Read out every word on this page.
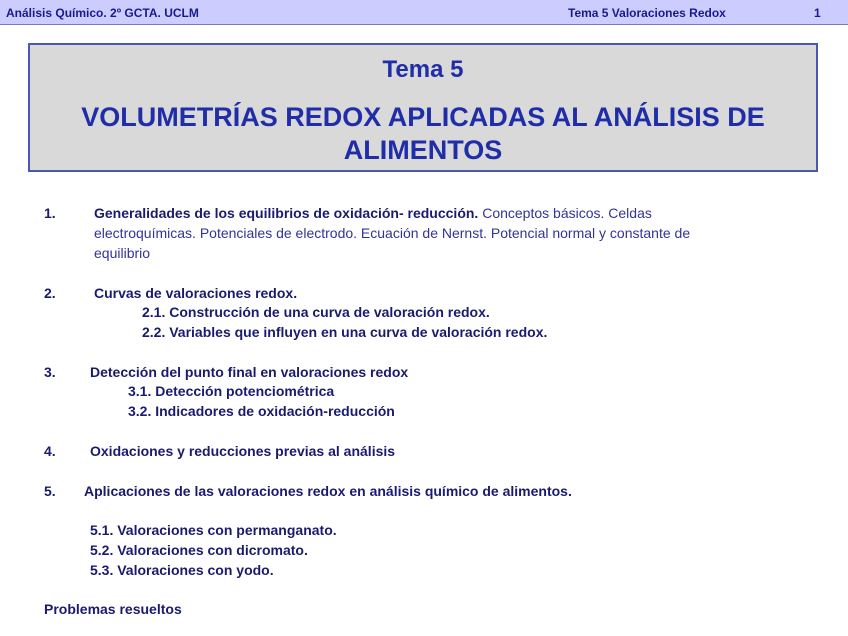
Análisis Químico. 2º GCTA. UCLM	Tema 5 Valoraciones Redox	1
Tema 5
VOLUMETRÍAS REDOX APLICADAS AL ANÁLISIS DE
ALIMENTOS
1.	Generalidades de los equilibrios de oxidación- reducción. Conceptos básicos. Celdas
electroquímicas. Potenciales de electrodo. Ecuación de Nernst. Potencial normal y constante de
equilibrio
2.	Curvas de valoraciones redox.
2.1. Construcción de una curva de valoración redox.
2.2. Variables que influyen en una curva de valoración redox.
3. Detección del punto final en valoraciones redox
3.1. Detección potenciométrica
3.2. Indicadores de oxidación-reducción
4. Oxidaciones y reducciones previas al análisis
5. Aplicaciones de las valoraciones redox en análisis químico de alimentos.
5.1. Valoraciones con permanganato.
5.2. Valoraciones con dicromato.
5.3. Valoraciones con yodo.
Problemas resueltos
